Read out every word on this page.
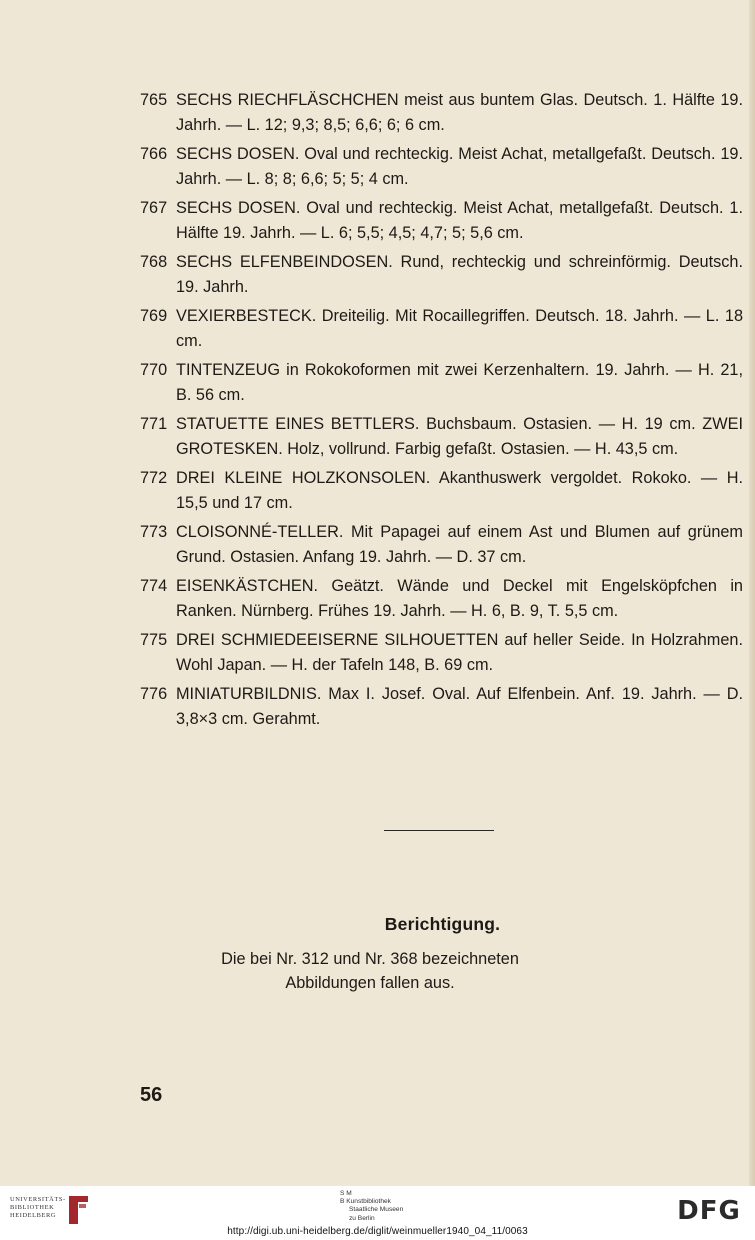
765 SECHS RIECHFLÄSCHCHEN meist aus buntem Glas. Deutsch. 1. Hälfte 19. Jahrh. — L. 12; 9,3; 8,5; 6,6; 6; 6 cm.
766 SECHS DOSEN. Oval und rechteckig. Meist Achat, metallgefaßt. Deutsch. 19. Jahrh. — L. 8; 8; 6,6; 5; 5; 4 cm.
767 SECHS DOSEN. Oval und rechteckig. Meist Achat, metallgefaßt. Deutsch. 1. Hälfte 19. Jahrh. — L. 6; 5,5; 4,5; 4,7; 5; 5,6 cm.
768 SECHS ELFENBEINDOSEN. Rund, rechteckig und schreinförmig. Deutsch. 19. Jahrh.
769 VEXIERBESTECK. Dreiteilig. Mit Rocaillegriffen. Deutsch. 18. Jahrh. — L. 18 cm.
770 TINTENZEUG in Rokokoformen mit zwei Kerzenhaltern. 19. Jahrh. — H. 21, B. 56 cm.
771 STATUETTE EINES BETTLERS. Buchsbaum. Ostasien. — H. 19 cm. ZWEI GROTESKEN. Holz, vollrund. Farbig gefaßt. Ostasien. — H. 43,5 cm.
772 DREI KLEINE HOLZKONSOLEN. Akanthuswerk vergoldet. Rokoko. — H. 15,5 und 17 cm.
773 CLOISONNÉ-TELLER. Mit Papagei auf einem Ast und Blumen auf grünem Grund. Ostasien. Anfang 19. Jahrh. — D. 37 cm.
774 EISENKÄSTCHEN. Geätzt. Wände und Deckel mit Engelsköpfchen in Ranken. Nürnberg. Frühes 19. Jahrh. — H. 6, B. 9, T. 5,5 cm.
775 DREI SCHMIEDEEISERNE SILHOUETTEN auf heller Seide. In Holzrahmen. Wohl Japan. — H. der Tafeln 148, B. 69 cm.
776 MINIATURBILDNIS. Max I. Josef. Oval. Auf Elfenbein. Anf. 19. Jahrh. — D. 3,8×3 cm. Gerahmt.
Berichtigung.
Die bei Nr. 312 und Nr. 368 bezeichneten Abbildungen fallen aus.
56
UNIVERSITÄTS-
BIBLIOTHEK
HEIDELBERG
S M
B Kunstbibliothek
Staatliche Museen
zu Berlin	DFG
http://digi.ub.uni-heidelberg.de/diglit/weinmueller1940_04_11/0063
